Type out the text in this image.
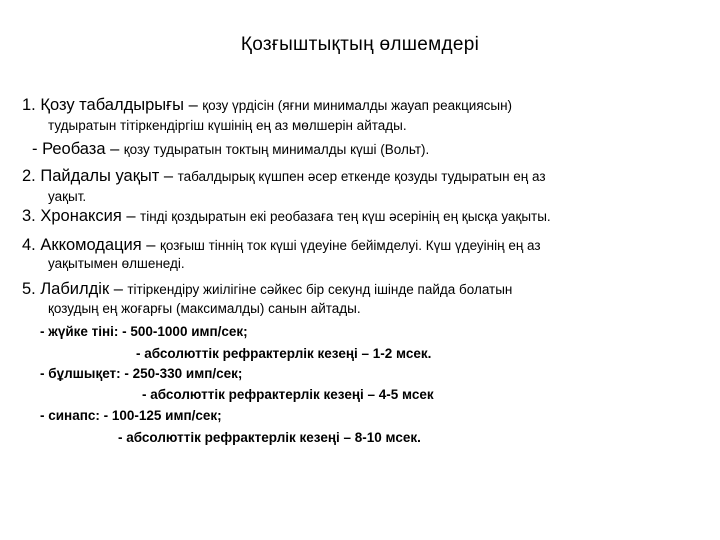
Қозғыштықтың өлшемдері
1. Қозу табалдырығы – қозу үрдісін (яғни минималды жауап реакциясын)
тудыратын тітіркендіргіш күшінің ең аз мөлшерін айтады.
- Реобаза – қозу тудыратын токтың минималды күші (Вольт).
2. Пайдалы уақыт – табалдырық күшпен әсер еткенде қозуды тудыратын ең аз
уақыт.
3. Хронаксия – тінді қоздыратын екі реобазаға тең күш әсерінің ең қысқа уақыты.
4. Аккомодация – қозғыш тіннің ток күші үдеуіне бейімделуі. Күш үдеуінің ең аз
уақытымен өлшенеді.
5. Лабилдік – тітіркендіру жиілігіне сәйкес бір секунд ішінде пайда болатын
қозудың ең жоғарғы (максималды) санын айтады.
- жүйке тіні: - 500-1000 имп/сек;
- абсолюттік рефрактерлік кезеңі – 1-2 мсек.
- бұлшықет: - 250-330 имп/сек;
- абсолюттік рефрактерлік кезеңі – 4-5 мсек
- синапс: - 100-125 имп/сек;
- абсолюттік рефрактерлік кезеңі – 8-10 мсек.
